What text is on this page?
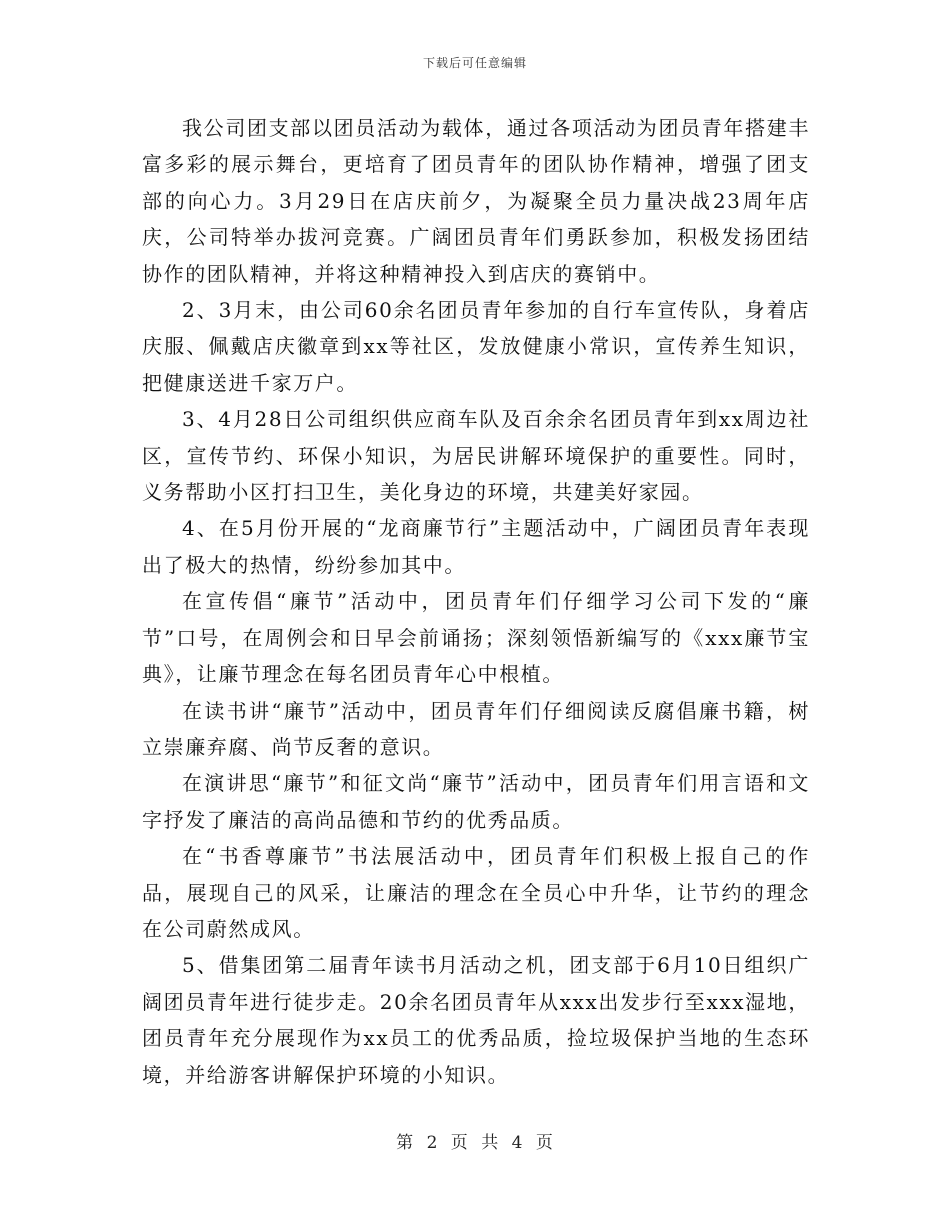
下载后可任意编辑

我公司团支部以团员活动为载体，通过各项活动为团员青年搭建丰富多彩的展示舞台，更培育了团员青年的团队协作精神，增强了团支部的向心力。3月29日在店庆前夕，为凝聚全员力量决战23周年店庆，公司特举办拔河竞赛。广阔团员青年们勇跃参加，积极发扬团结协作的团队精神，并将这种精神投入到店庆的赛销中。

2、3月末，由公司60余名团员青年参加的自行车宣传队，身着店庆服、佩戴店庆徽章到xx等社区，发放健康小常识，宣传养生知识，把健康送进千家万户。

3、4月28日公司组织供应商车队及百余余名团员青年到xx周边社区，宣传节约、环保小知识，为居民讲解环境保护的重要性。同时，义务帮助小区打扫卫生，美化身边的环境，共建美好家园。

4、在5月份开展的“龙商廉节行”主题活动中，广阔团员青年表现出了极大的热情，纷纷参加其中。

在宣传倡“廉节”活动中，团员青年们仔细学习公司下发的“廉节”口号，在周例会和日早会前诵扬；深刻领悟新编写的《xxx廉节宝典》，让廉节理念在每名团员青年心中根植。

在读书讲“廉节”活动中，团员青年们仔细阅读反腐倡廉书籍，树立崇廉弃腐、尚节反奢的意识。

在演讲思“廉节”和征文尚“廉节”活动中，团员青年们用言语和文字抒发了廉洁的高尚品德和节约的优秀品质。

在“书香尊廉节”书法展活动中，团员青年们积极上报自己的作品，展现自己的风采，让廉洁的理念在全员心中升华，让节约的理念在公司蔚然成风。

5、借集团第二届青年读书月活动之机，团支部于6月10日组织广阔团员青年进行徒步走。20余名团员青年从xxx出发步行至xxx湿地，团员青年充分展现作为xx员工的优秀品质，捡垃圾保护当地的生态环境，并给游客讲解保护环境的小知识。

第 2 页 共 4 页
